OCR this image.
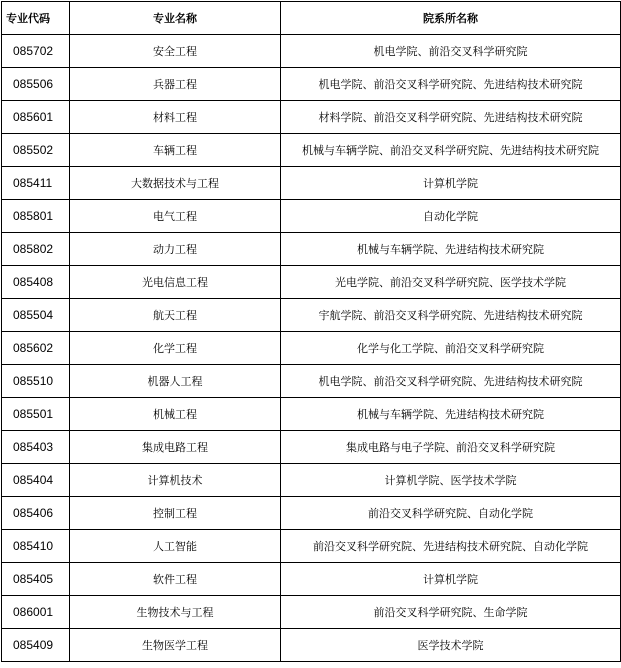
专业代码	专业名称	院系所名称
085702	安全工程	机电学院、前沿交叉科学研究院
085506	兵器工程	机电学院、前沿交叉科学研究院、先进结构技术研究院
085601	材料工程	材料学院、前沿交叉科学研究院、先进结构技术研究院
085502	车辆工程	机械与车辆学院、前沿交叉科学研究院、先进结构技术研究院
085411	大数据技术与工程	计算机学院
085801	电气工程	自动化学院
085802	动力工程	机械与车辆学院、先进结构技术研究院
085408	光电信息工程	光电学院、前沿交叉科学研究院、医学技术学院
085504	航天工程	宇航学院、前沿交叉科学研究院、先进结构技术研究院
085602	化学工程	化学与化工学院、前沿交叉科学研究院
085510	机器人工程	机电学院、前沿交叉科学研究院、先进结构技术研究院
085501	机械工程	机械与车辆学院、先进结构技术研究院
085403	集成电路工程	集成电路与电子学院、前沿交叉科学研究院
085404	计算机技术	计算机学院、医学技术学院
085406	控制工程	前沿交叉科学研究院、自动化学院
085410	人工智能	前沿交叉科学研究院、先进结构技术研究院、自动化学院
085405	软件工程	计算机学院
086001	生物技术与工程	前沿交叉科学研究院、生命学院
085409	生物医学工程	医学技术学院
